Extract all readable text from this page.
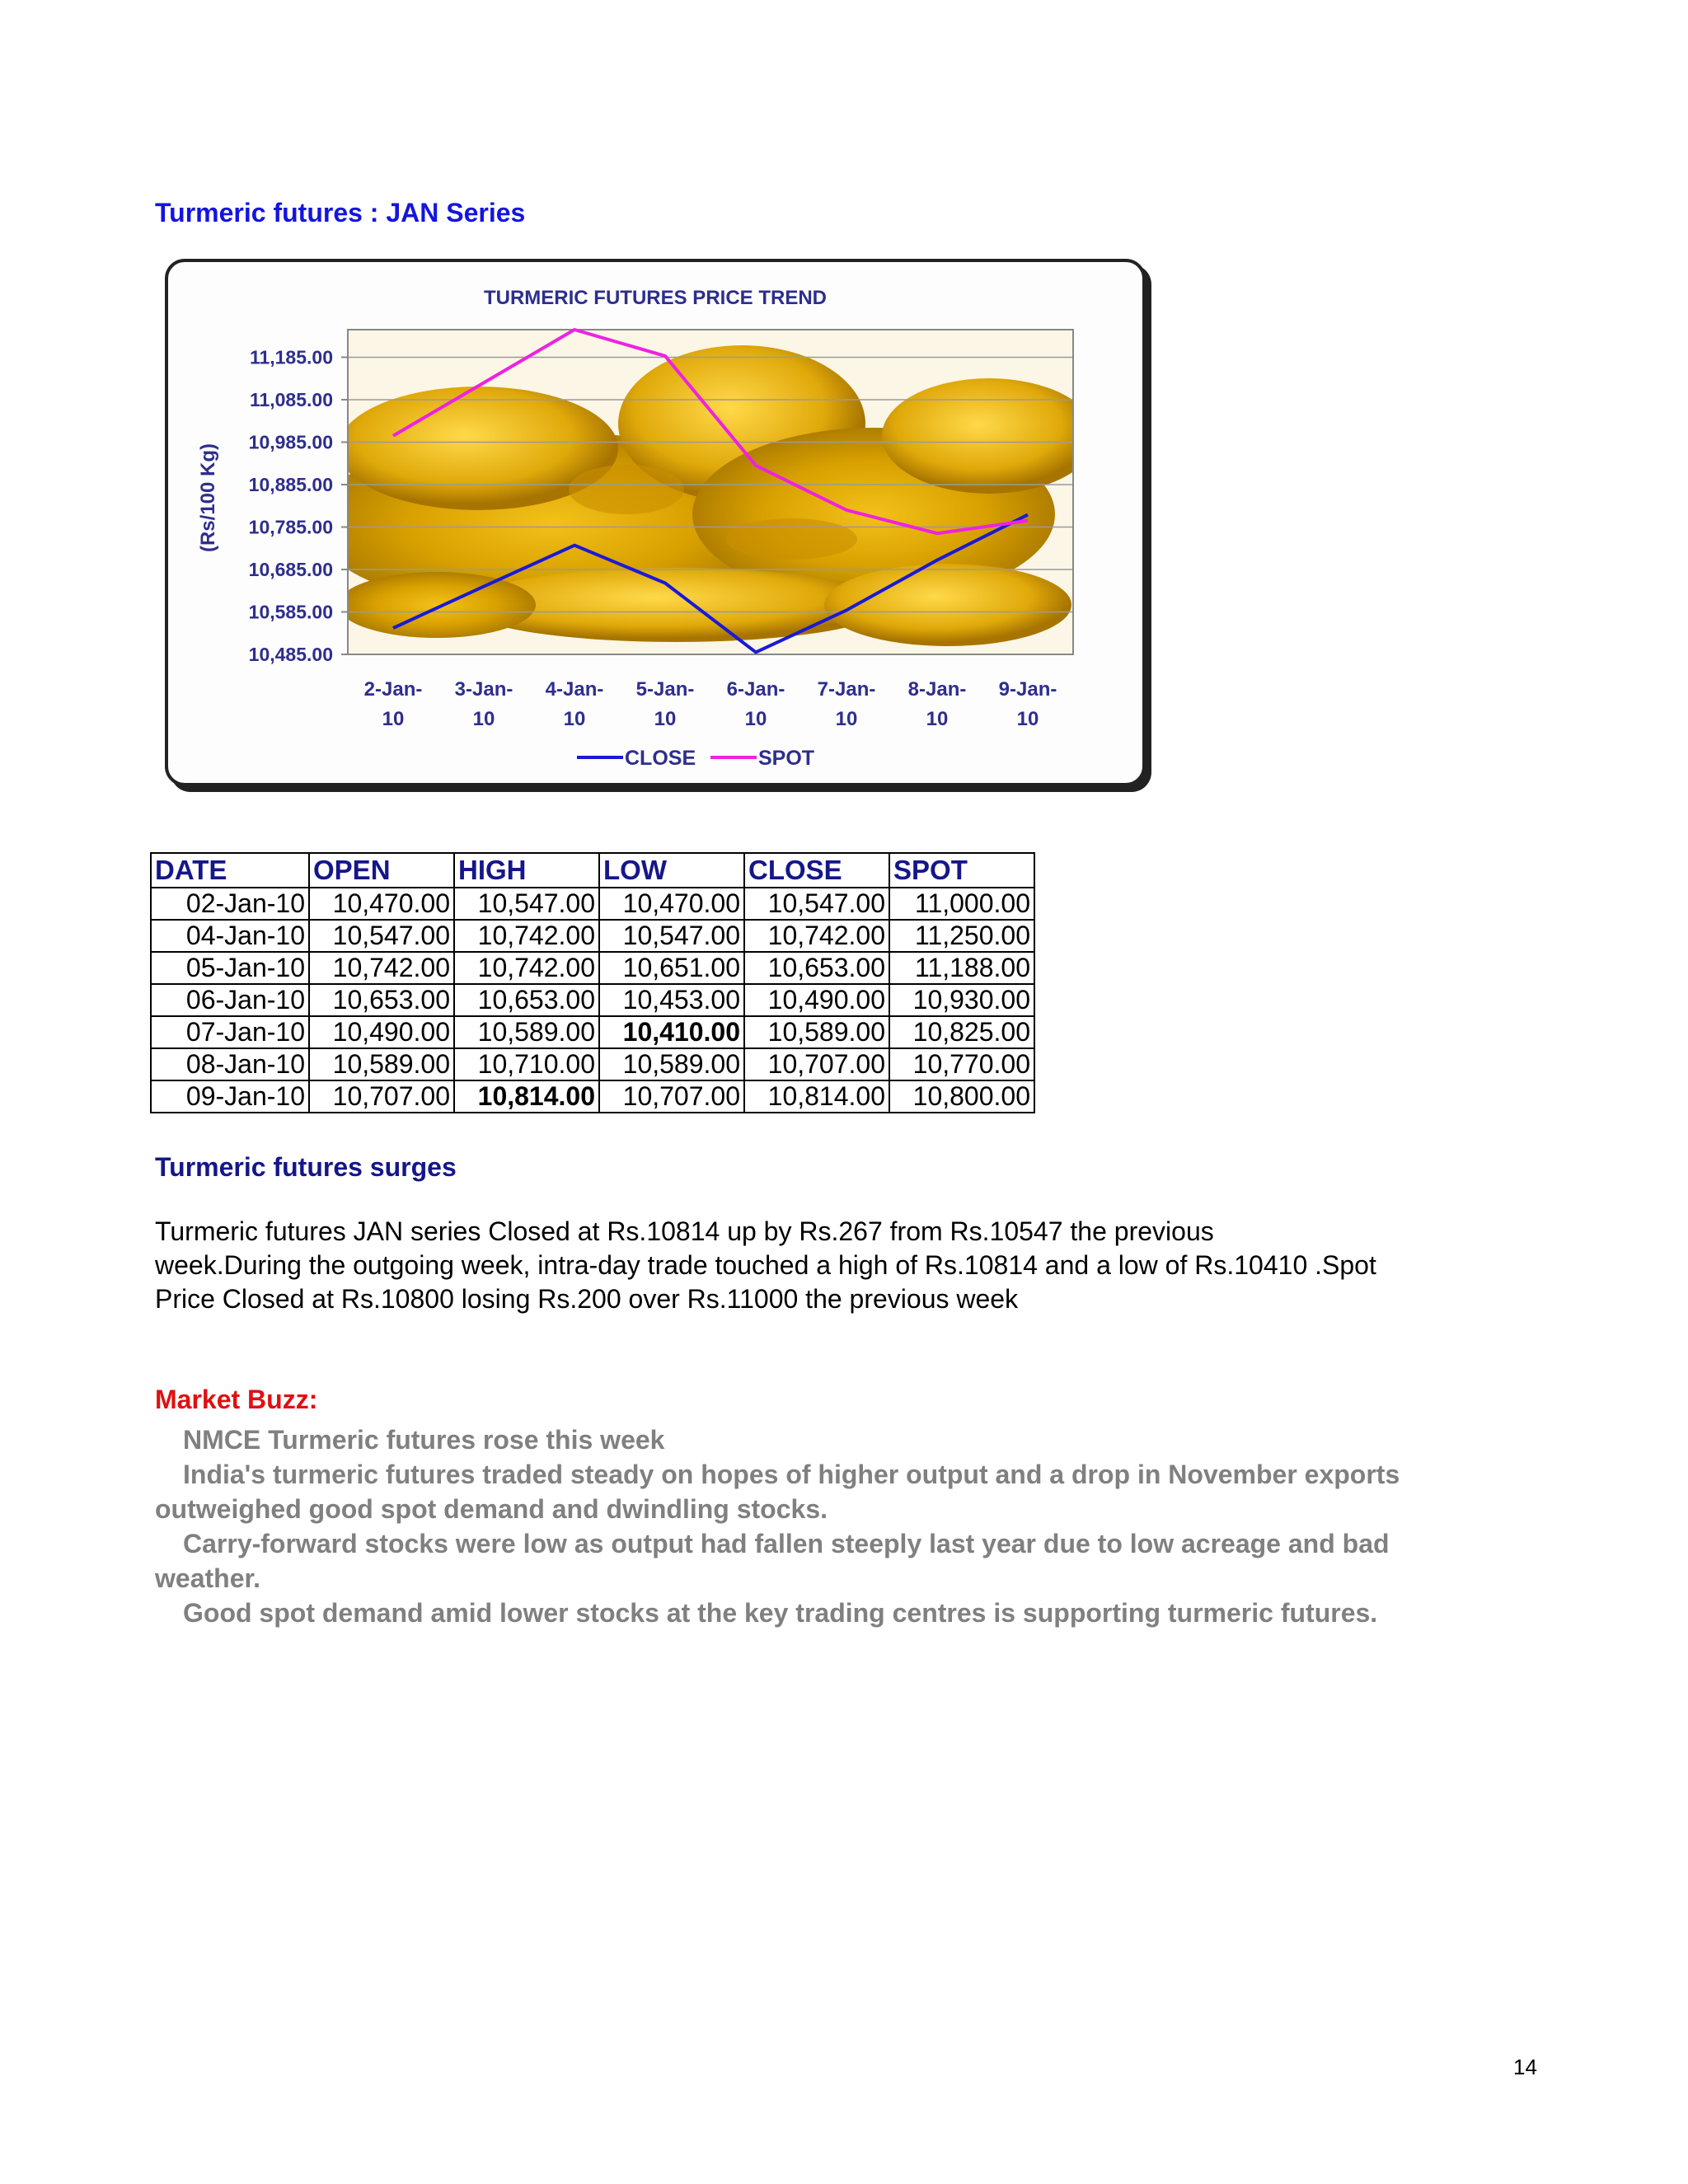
Turmeric futures : JAN Series
TURMERIC FUTURES PRICE TREND
(Rs/100 Kg)
10,485.00
10,585.00
10,685.00
10,785.00
10,885.00
10,985.00
11,085.00
11,185.00
2-Jan-10
3-Jan-10
4-Jan-10
5-Jan-10
6-Jan-10
7-Jan-10
8-Jan-10
9-Jan-10
CLOSE	SPOT
DATE	OPEN	HIGH	LOW	CLOSE	SPOT
02-Jan-10	10,470.00	10,547.00	10,470.00	10,547.00	11,000.00
04-Jan-10	10,547.00	10,742.00	10,547.00	10,742.00	11,250.00
05-Jan-10	10,742.00	10,742.00	10,651.00	10,653.00	11,188.00
06-Jan-10	10,653.00	10,653.00	10,453.00	10,490.00	10,930.00
07-Jan-10	10,490.00	10,589.00	10,410.00	10,589.00	10,825.00
08-Jan-10	10,589.00	10,710.00	10,589.00	10,707.00	10,770.00
09-Jan-10	10,707.00	10,814.00	10,707.00	10,814.00	10,800.00
Turmeric futures surges

Turmeric futures JAN series Closed at Rs.10814 up by Rs.267 from Rs.10547 the previous

week.During the outgoing week, intra-day trade touched a high of Rs.10814 and a low of Rs.10410 .Spot

Price Closed at Rs.10800 losing Rs.200 over Rs.11000 the previous week

Market Buzz:

NMCE Turmeric futures rose this week

India's turmeric futures traded steady on hopes of higher output and a drop in November exports outweighed good spot demand and dwindling stocks.

Carry-forward stocks were low as output had fallen steeply last year due to low acreage and bad weather.

Good spot demand amid lower stocks at the key trading centres is supporting turmeric futures.

14
